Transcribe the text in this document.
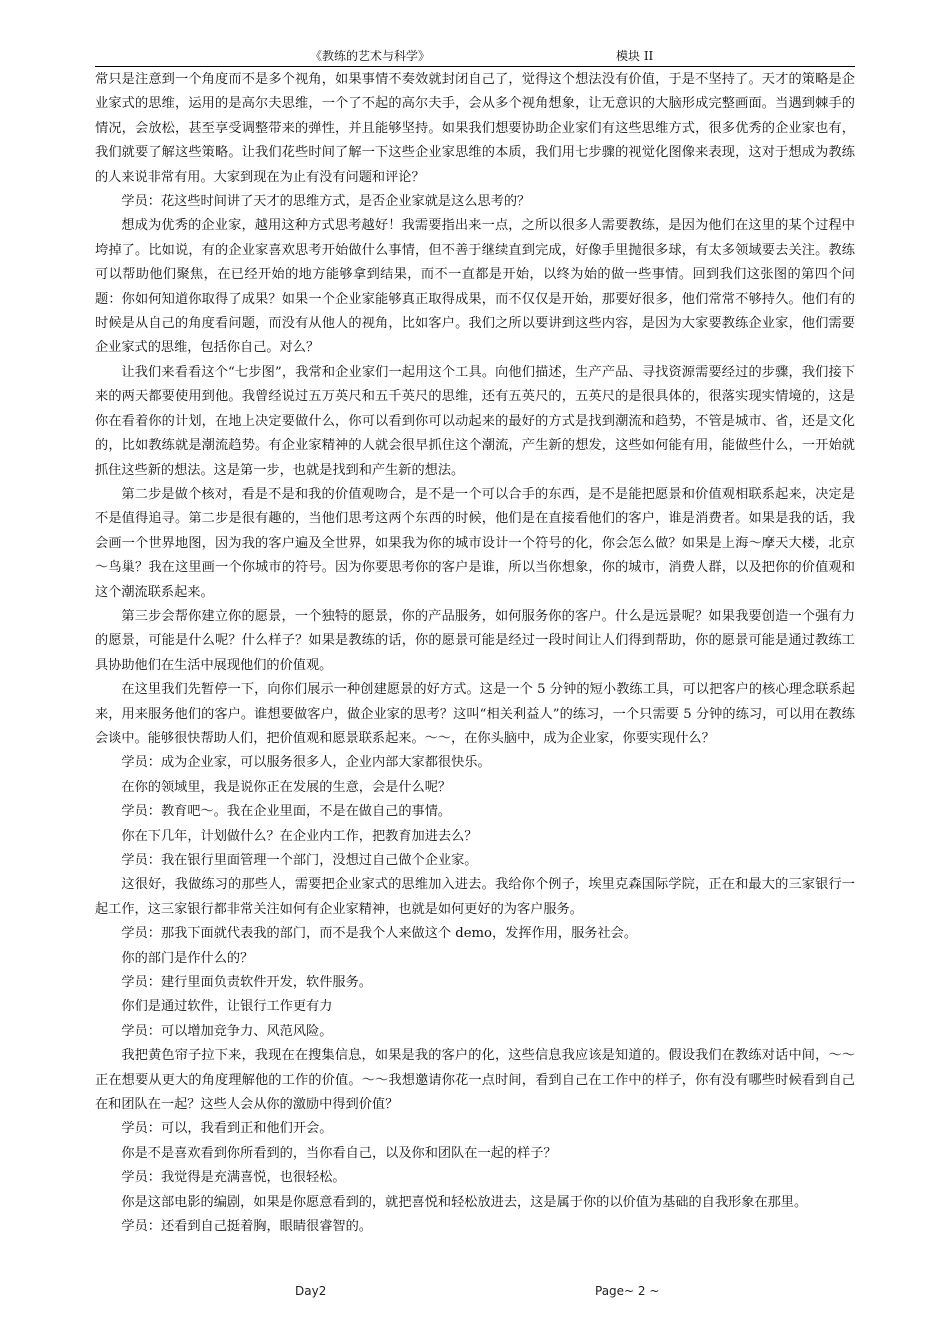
《教练的艺术与科学》	模块 II

常只是注意到一个角度而不是多个视角，如果事情不奏效就封闭自己了，觉得这个想法没有价值，于是不坚持了。天才的策略是企业家式的思维，运用的是高尔夫思维，一个了不起的高尔夫手，会从多个视角想象，让无意识的大脑形成完整画面。当遇到棘手的情况，会放松，甚至享受调整带来的弹性，并且能够坚持。如果我们想要协助企业家们有这些思维方式，很多优秀的企业家也有，我们就要了解这些策略。让我们花些时间了解一下这些企业家思维的本质，我们用七步骤的视觉化图像来表现，这对于想成为教练的人来说非常有用。大家到现在为止有没有问题和评论？

学员：花这些时间讲了天才的思维方式，是否企业家就是这么思考的？

想成为优秀的企业家，越用这种方式思考越好！我需要指出来一点，之所以很多人需要教练，是因为他们在这里的某个过程中垮掉了。比如说，有的企业家喜欢思考开始做什么事情，但不善于继续直到完成，好像手里抛很多球，有太多领域要去关注。教练可以帮助他们聚焦，在已经开始的地方能够拿到结果，而不一直都是开始，以终为始的做一些事情。回到我们这张图的第四个问题：你如何知道你取得了成果？如果一个企业家能够真正取得成果，而不仅仅是开始，那要好很多，他们常常不够持久。他们有的时候是从自己的角度看问题，而没有从他人的视角，比如客户。我们之所以要讲到这些内容，是因为大家要教练企业家，他们需要企业家式的思维，包括你自己。对么？

让我们来看看这个“七步图”，我常和企业家们一起用这个工具。向他们描述，生产产品、寻找资源需要经过的步骤，我们接下来的两天都要使用到他。我曾经说过五万英尺和五千英尺的思维，还有五英尺的，五英尺的是很具体的，很落实现实情境的，这是你在看着你的计划，在地上决定要做什么，你可以看到你可以动起来的最好的方式是找到潮流和趋势，不管是城市、省，还是文化的，比如教练就是潮流趋势。有企业家精神的人就会很早抓住这个潮流，产生新的想发，这些如何能有用，能做些什么，一开始就抓住这些新的想法。这是第一步，也就是找到和产生新的想法。

第二步是做个核对，看是不是和我的价值观吻合，是不是一个可以合手的东西，是不是能把愿景和价值观相联系起来，决定是不是值得追寻。第二步是很有趣的，当他们思考这两个东西的时候，他们是在直接看他们的客户，谁是消费者。如果是我的话，我会画一个世界地图，因为我的客户遍及全世界，如果我为你的城市设计一个符号的化，你会怎么做？如果是上海～摩天大楼，北京～鸟巢？我在这里画一个你城市的符号。因为你要思考你的客户是谁，所以当你想象，你的城市，消费人群，以及把你的价值观和这个潮流联系起来。

第三步会帮你建立你的愿景，一个独特的愿景，你的产品服务，如何服务你的客户。什么是远景呢？如果我要创造一个强有力的愿景，可能是什么呢？什么样子？如果是教练的话，你的愿景可能是经过一段时间让人们得到帮助，你的愿景可能是通过教练工具协助他们在生活中展现他们的价值观。

在这里我们先暂停一下，向你们展示一种创建愿景的好方式。这是一个 5 分钟的短小教练工具，可以把客户的核心理念联系起来，用来服务他们的客户。谁想要做客户，做企业家的思考？这叫“相关利益人”的练习，一个只需要 5 分钟的练习，可以用在教练会谈中。能够很快帮助人们，把价值观和愿景联系起来。～～，在你头脑中，成为企业家，你要实现什么？

学员：成为企业家，可以服务很多人，企业内部大家都很快乐。

在你的领域里，我是说你正在发展的生意，会是什么呢？

学员：教育吧～。我在企业里面，不是在做自己的事情。

你在下几年，计划做什么？在企业内工作，把教育加进去么？

学员：我在银行里面管理一个部门，没想过自己做个企业家。

这很好，我做练习的那些人，需要把企业家式的思维加入进去。我给你个例子，埃里克森国际学院，正在和最大的三家银行一起工作，这三家银行都非常关注如何有企业家精神，也就是如何更好的为客户服务。

学员：那我下面就代表我的部门，而不是我个人来做这个 demo，发挥作用，服务社会。

你的部门是作什么的？

学员：建行里面负责软件开发，软件服务。

你们是通过软件，让银行工作更有力

学员：可以增加竞争力、风范风险。

我把黄色帘子拉下来，我现在在搜集信息，如果是我的客户的化，这些信息我应该是知道的。假设我们在教练对话中间，～～正在想要从更大的角度理解他的工作的价值。～～我想邀请你花一点时间，看到自己在工作中的样子，你有没有哪些时候看到自己在和团队在一起？这些人会从你的激励中得到价值？

学员：可以，我看到正和他们开会。

你是不是喜欢看到你所看到的，当你看自己，以及你和团队在一起的样子？

学员：我觉得是充满喜悦，也很轻松。

你是这部电影的编剧，如果是你愿意看到的，就把喜悦和轻松放进去，这是属于你的以价值为基础的自我形象在那里。

学员：还看到自己挺着胸，眼睛很睿智的。

Day2	Page~ 2 ~
